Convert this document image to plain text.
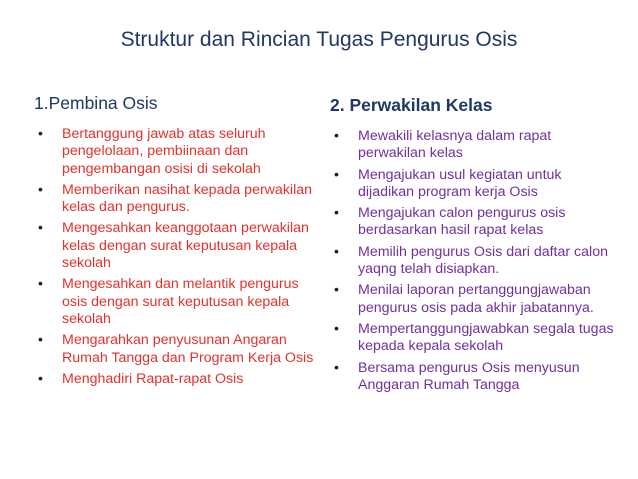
Struktur dan Rincian Tugas Pengurus Osis
1.Pembina Osis
• Bertanggung jawab atas seluruh pengelolaan, pembiinaan dan pengembangan osisi di sekolah
• Memberikan nasihat kepada perwakilan kelas dan pengurus.
• Mengesahkan keanggotaan perwakilan kelas dengan surat keputusan kepala sekolah
• Mengesahkan dan melantik pengurus osis dengan surat keputusan kepala sekolah
• Mengarahkan penyusunan Angaran Rumah Tangga dan Program Kerja Osis
• Menghadiri Rapat-rapat Osis
2. Perwakilan Kelas
• Mewakili kelasnya dalam rapat perwakilan kelas
• Mengajukan usul kegiatan untuk dijadikan program kerja Osis
• Mengajukan calon pengurus osis berdasarkan hasil rapat kelas
• Memilih pengurus Osis dari daftar calon yaqng telah disiapkan.
• Menilai laporan pertanggungjawaban pengurus osis pada akhir jabatannya.
• Mempertanggungjawabkan segala tugas kepada kepala sekolah
• Bersama pengurus Osis menyusun Anggaran Rumah Tangga
